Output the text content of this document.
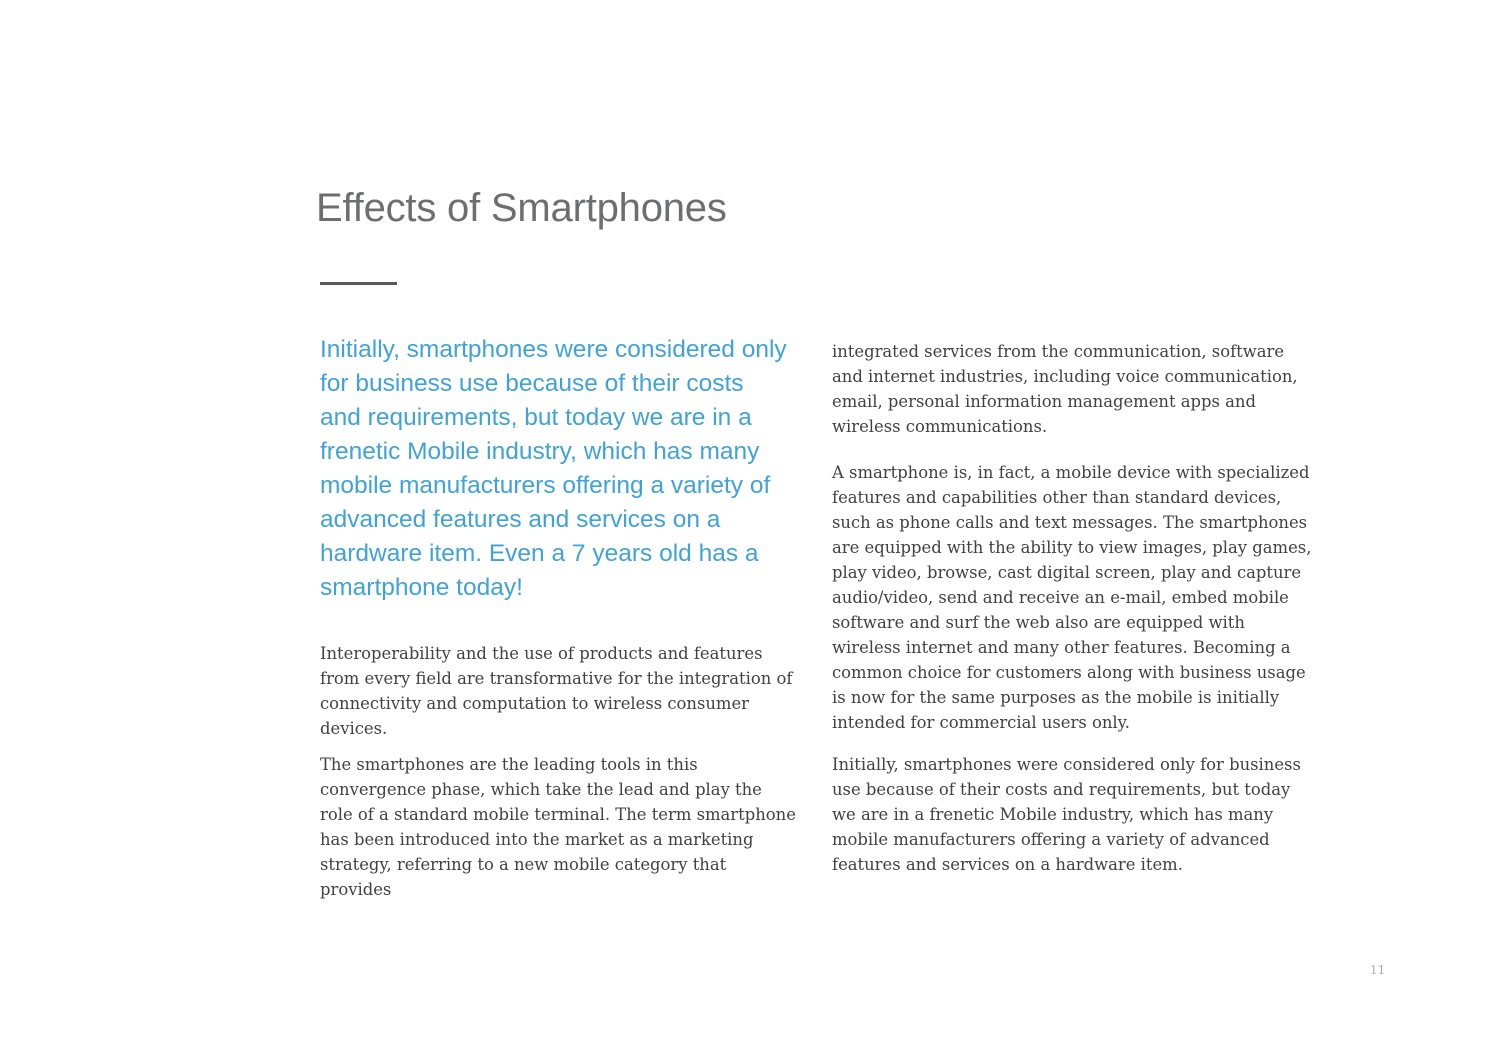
Effects of Smartphones

Initially, smartphones were considered only for business use because of their costs and requirements, but today we are in a frenetic Mobile industry, which has many mobile manufacturers offering a variety of advanced features and services on a hardware item. Even a 7 years old has a smartphone today!

Interoperability and the use of products and features from every field are transformative for the integration of connectivity and computation to wireless consumer devices.

The smartphones are the leading tools in this convergence phase, which take the lead and play the role of a standard mobile terminal. The term smartphone has been introduced into the market as a marketing strategy, referring to a new mobile category that provides

integrated services from the communication, software and internet industries, including voice communication, email, personal information management apps and wireless communications.

A smartphone is, in fact, a mobile device with specialized features and capabilities other than standard devices, such as phone calls and text messages. The smartphones are equipped with the ability to view images, play games, play video, browse, cast digital screen, play and capture audio/video, send and receive an e-mail, embed mobile software and surf the web also are equipped with wireless internet and many other features. Becoming a common choice for customers along with business usage is now for the same purposes as the mobile is initially intended for commercial users only.

Initially, smartphones were considered only for business use because of their costs and requirements, but today we are in a frenetic Mobile industry, which has many mobile manufacturers offering a variety of advanced features and services on a hardware item.

11
